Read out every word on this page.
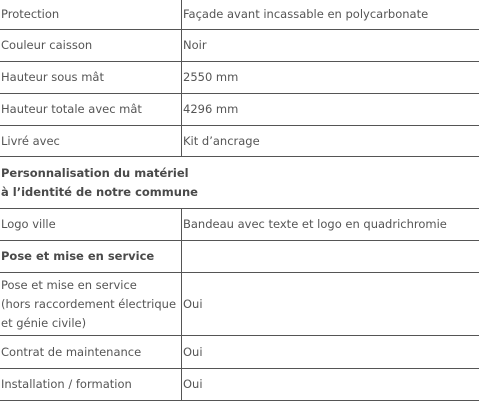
Protection	Façade avant incassable en polycarbonate
Couleur caisson	Noir
Hauteur sous mât	2550 mm
Hauteur totale avec mât	4296 mm
Livré avec	Kit d’ancrage

Personnalisation du matériel
à l’identité de notre commune	

Logo ville	Bandeau avec texte et logo en quadrichromie
Pose et mise en service	

Pose et mise en service
(hors raccordement électrique
et génie civile)	Oui
Contrat de maintenance	Oui
Installation / formation	Oui
